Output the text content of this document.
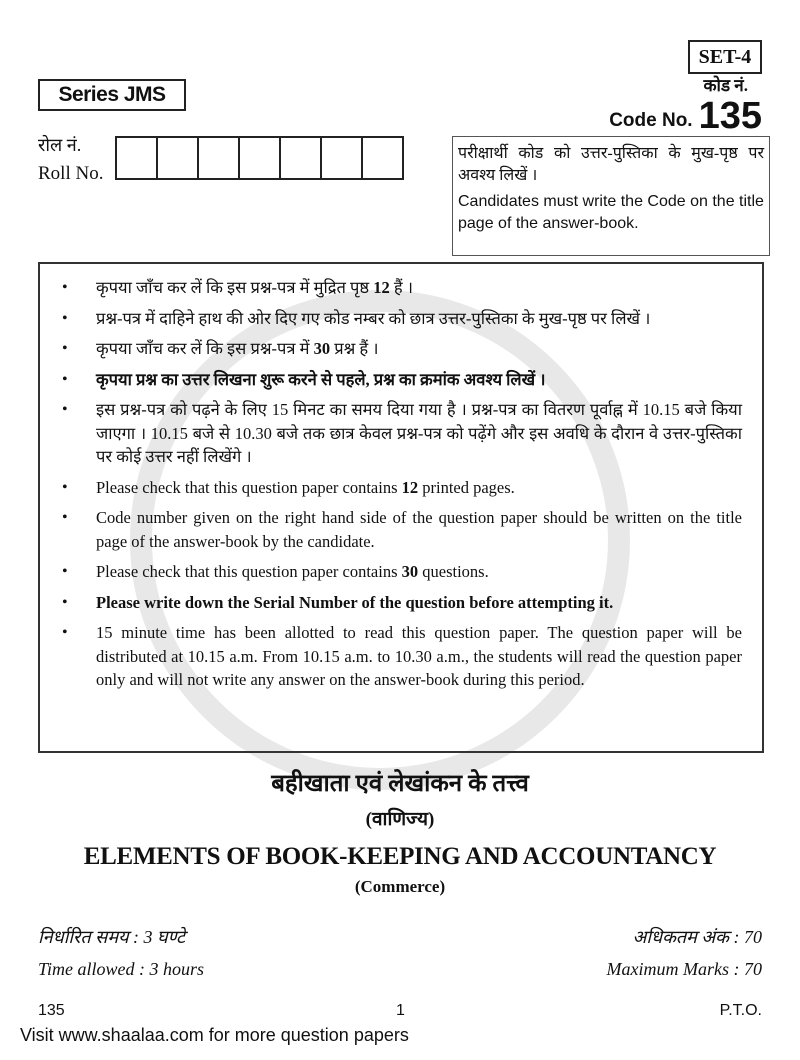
SET-4
Series JMS	कोड नं.
Code No. 135
रोल नं.
Roll No.
परीक्षार्थी कोड को उत्तर-पुस्तिका के मुख-पृष्ठ पर अवश्य लिखें ।
Candidates must write the Code on the title page of the answer-book.
• कृपया जाँच कर लें कि इस प्रश्न-पत्र में मुद्रित पृष्ठ 12 हैं ।
• प्रश्न-पत्र में दाहिने हाथ की ओर दिए गए कोड नम्बर को छात्र उत्तर-पुस्तिका के मुख-पृष्ठ पर लिखें ।
• कृपया जाँच कर लें कि इस प्रश्न-पत्र में 30 प्रश्न हैं ।
• कृपया प्रश्न का उत्तर लिखना शुरू करने से पहले, प्रश्न का क्रमांक अवश्य लिखें ।
• इस प्रश्न-पत्र को पढ़ने के लिए 15 मिनट का समय दिया गया है । प्रश्न-पत्र का वितरण पूर्वाह्न में 10.15 बजे किया जाएगा । 10.15 बजे से 10.30 बजे तक छात्र केवल प्रश्न-पत्र को पढ़ेंगे और इस अवधि के दौरान वे उत्तर-पुस्तिका पर कोई उत्तर नहीं लिखेंगे ।
• Please check that this question paper contains 12 printed pages.
• Code number given on the right hand side of the question paper should be written on the title page of the answer-book by the candidate.
• Please check that this question paper contains 30 questions.
• Please write down the Serial Number of the question before attempting it.
• 15 minute time has been allotted to read this question paper. The question paper will be distributed at 10.15 a.m. From 10.15 a.m. to 10.30 a.m., the students will read the question paper only and will not write any answer on the answer-book during this period.
बहीखाता एवं लेखांकन के तत्त्व
(वाणिज्य)
ELEMENTS OF BOOK-KEEPING AND ACCOUNTANCY
(Commerce)
निर्धारित समय : 3 घण्टे	अधिकतम अंक : 70
Time allowed : 3 hours	Maximum Marks : 70
135	1	P.T.O.
Visit www.shaalaa.com for more question papers
